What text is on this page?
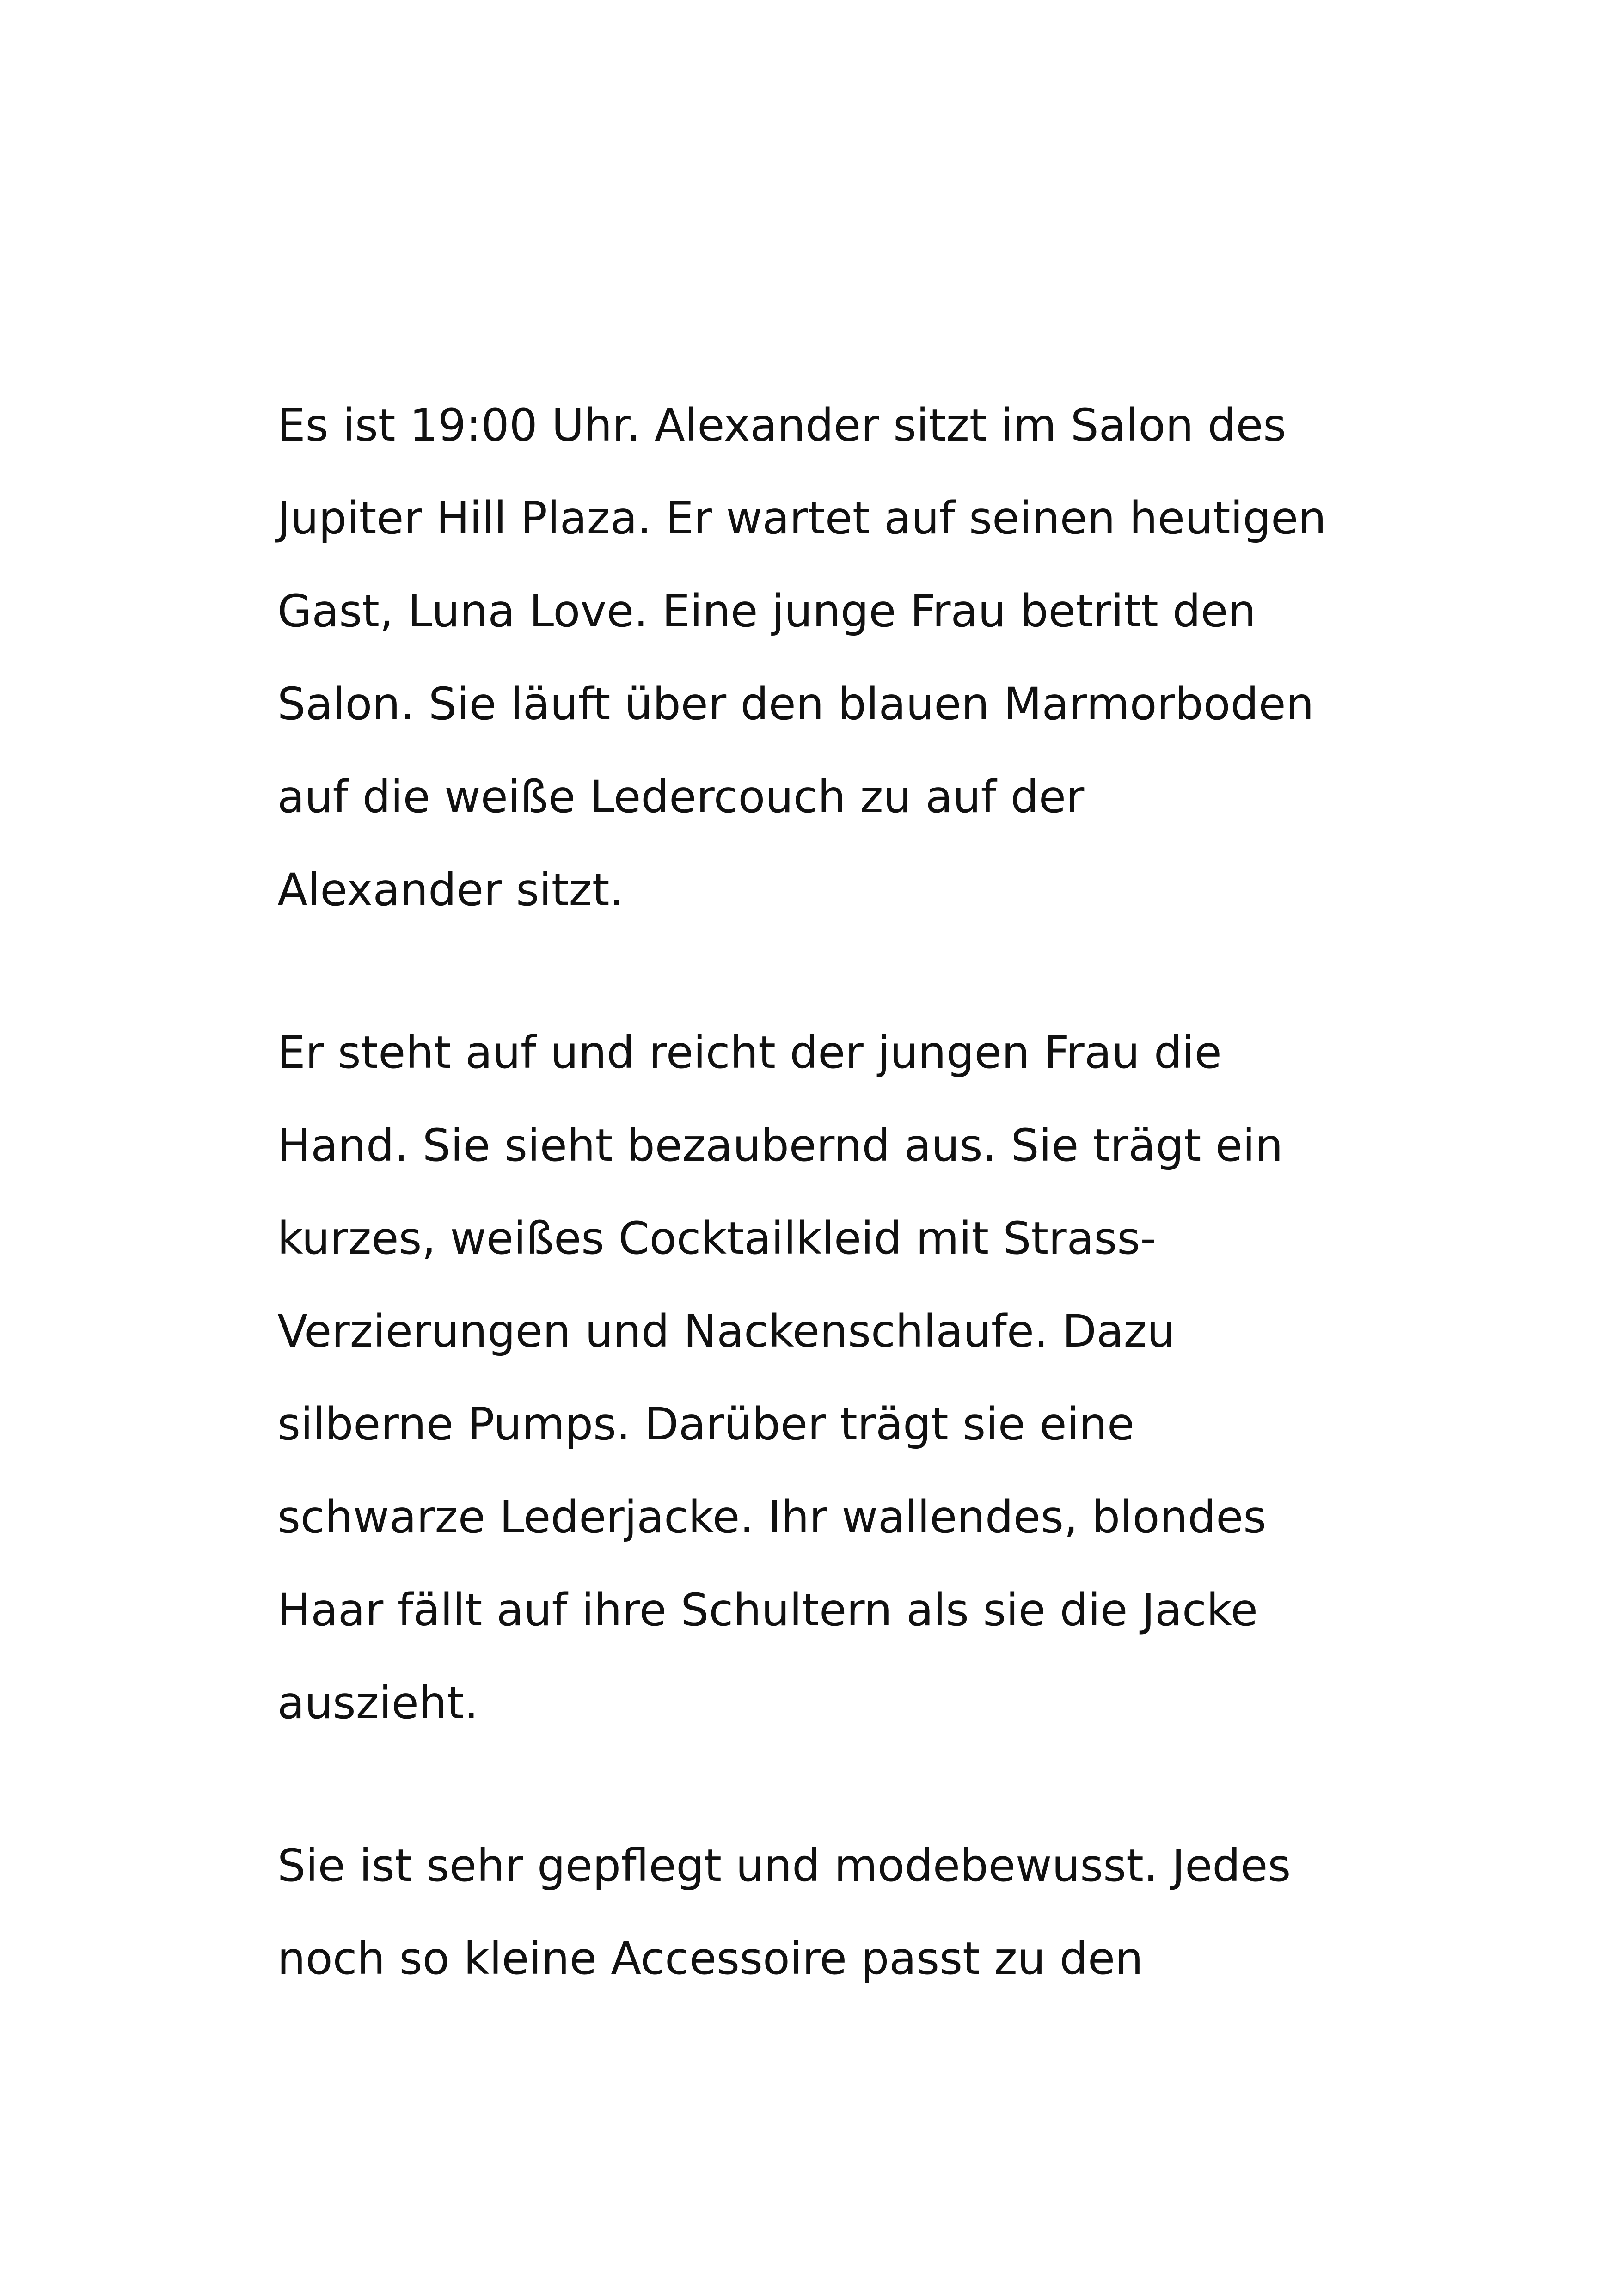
Es ist 19:00 Uhr. Alexander sitzt im Salon des
Jupiter Hill Plaza. Er wartet auf seinen heutigen
Gast, Luna Love. Eine junge Frau betritt den
Salon. Sie läuft über den blauen Marmorboden
auf die weiße Ledercouch zu auf der
Alexander sitzt.

Er steht auf und reicht der jungen Frau die
Hand. Sie sieht bezaubernd aus. Sie trägt ein
kurzes, weißes Cocktailkleid mit Strass-
Verzierungen und Nackenschlaufe. Dazu
silberne Pumps. Darüber trägt sie eine
schwarze Lederjacke. Ihr wallendes, blondes
Haar fällt auf ihre Schultern als sie die Jacke
auszieht.

Sie ist sehr gepflegt und modebewusst. Jedes
noch so kleine Accessoire passt zu den
